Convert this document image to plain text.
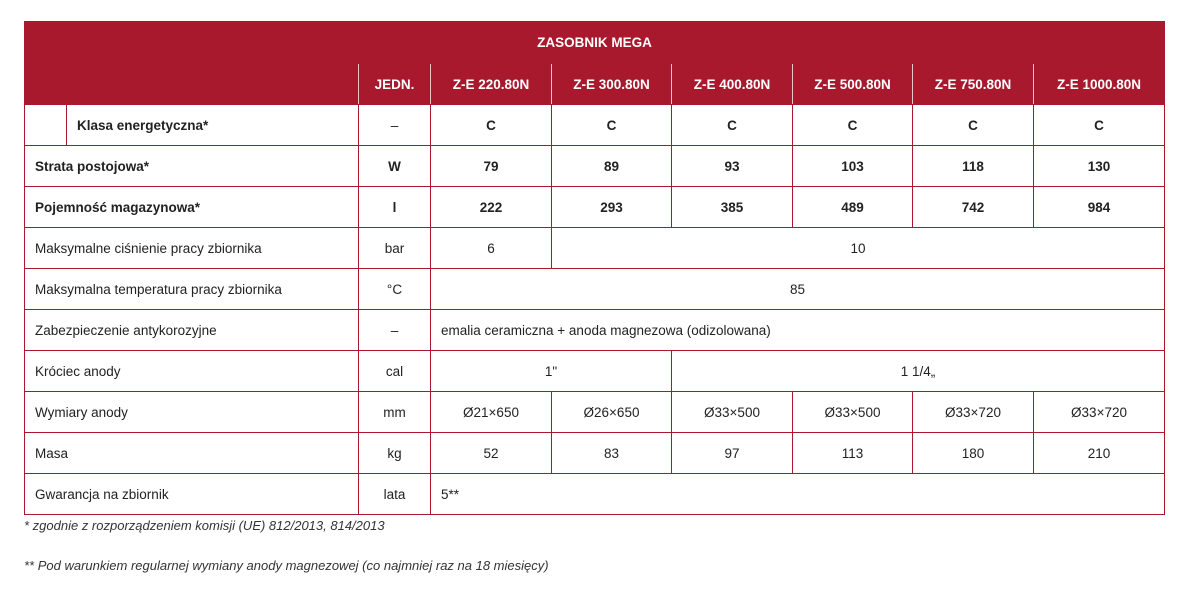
ZASOBNIK MEGA								
		JEDN.	Z-E 220.80N	Z-E 300.80N	Z-E 400.80N	Z-E 500.80N	Z-E 750.80N	Z-E 1000.80N
	Klasa energetyczna*	–	C	C	C	C	C	C
Strata postojowa*		W	79	89	93	103	118	130
Pojemność magazynowa*		l	222	293	385	489	742	984
Maksymalne ciśnienie pracy zbiornika		bar	6	10				
Maksymalna temperatura pracy zbiornika		°C	85					
Zabezpieczenie antykorozyjne		–	emalia ceramiczna + anoda magnezowa (odizolowana)					
Króciec anody		cal	1"		1 1/4„			
Wymiary anody		mm	Ø21×650	Ø26×650	Ø33×500	Ø33×500	Ø33×720	Ø33×720
Masa		kg	52	83	97	113	180	210
Gwarancja na zbiornik		lata	5**					

* zgodnie z rozporządzeniem komisji (UE) 812/2013, 814/2013

** Pod warunkiem regularnej wymiany anody magnezowej (co najmniej raz na 18 miesięcy)
